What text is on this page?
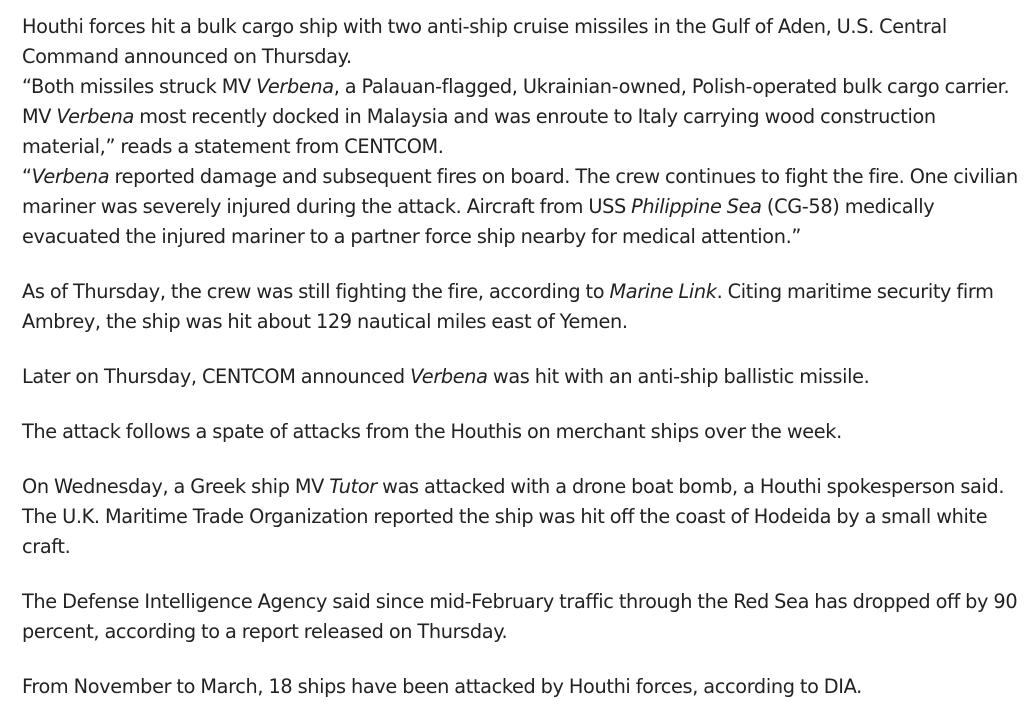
Houthi forces hit a bulk cargo ship with two anti-ship cruise missiles in the Gulf of Aden, U.S. Central Command announced on Thursday.

“Both missiles struck MV Verbena, a Palauan-flagged, Ukrainian-owned, Polish-operated bulk cargo carrier. MV Verbena most recently docked in Malaysia and was enroute to Italy carrying wood construction material,” reads a statement from CENTCOM.

“Verbena reported damage and subsequent fires on board. The crew continues to fight the fire. One civilian mariner was severely injured during the attack. Aircraft from USS Philippine Sea (CG-58) medically evacuated the injured mariner to a partner force ship nearby for medical attention.”

As of Thursday, the crew was still fighting the fire, according to Marine Link. Citing maritime security firm Ambrey, the ship was hit about 129 nautical miles east of Yemen.

Later on Thursday, CENTCOM announced Verbena was hit with an anti-ship ballistic missile.

The attack follows a spate of attacks from the Houthis on merchant ships over the week.

On Wednesday, a Greek ship MV Tutor was attacked with a drone boat bomb, a Houthi spokesperson said. The U.K. Maritime Trade Organization reported the ship was hit off the coast of Hodeida by a small white craft.

The Defense Intelligence Agency said since mid-February traffic through the Red Sea has dropped off by 90 percent, according to a report released on Thursday.

From November to March, 18 ships have been attacked by Houthi forces, according to DIA.
